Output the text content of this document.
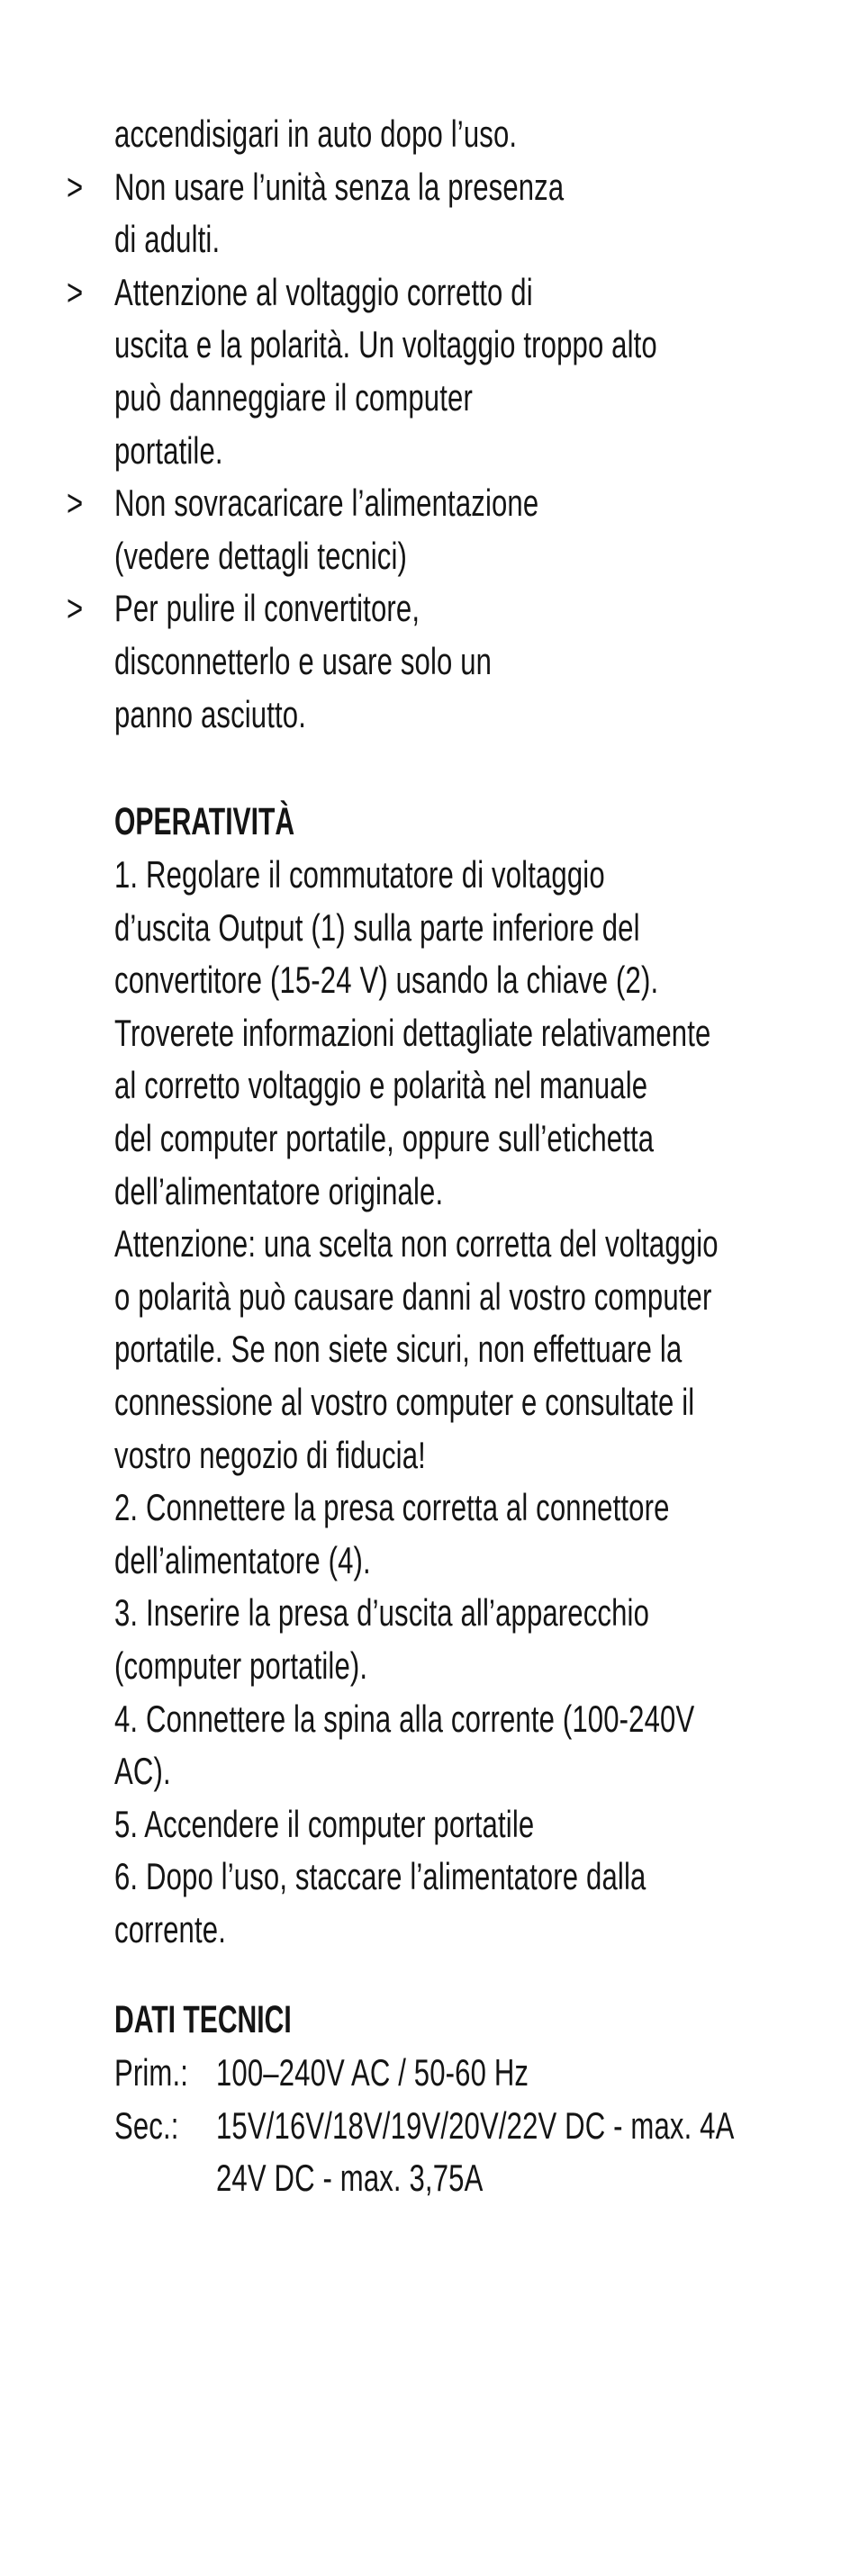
accendisigari in auto dopo l’uso.
> Non usare l’unità senza la presenza
di adulti.
> Attenzione al voltaggio corretto di
uscita e la polarità. Un voltaggio troppo alto
può danneggiare il computer
portatile.
> Non sovracaricare l’alimentazione
(vedere dettagli tecnici)
> Per pulire il convertitore,
disconnetterlo e usare solo un
panno asciutto.
OPERATIVITÀ
1. Regolare il commutatore di voltaggio
d’uscita Output (1) sulla parte inferiore del
convertitore (15-24 V) usando la chiave (2).
Troverete informazioni dettagliate relativamente
al corretto voltaggio e polarità nel manuale
del computer portatile, oppure sull’etichetta
dell’alimentatore originale.
Attenzione: una scelta non corretta del voltaggio
o polarità può causare danni al vostro computer
portatile. Se non siete sicuri, non effettuare la
connessione al vostro computer e consultate il
vostro negozio di fiducia!
2. Connettere la presa corretta al connettore
dell’alimentatore (4).
3. Inserire la presa d’uscita all’apparecchio
(computer portatile).
4. Connettere la spina alla corrente (100-240V
AC).
5. Accendere il computer portatile
6. Dopo l’uso, staccare l’alimentatore dalla
corrente.
DATI TECNICI
Prim.: 100–240V AC / 50-60 Hz
Sec.: 15V/16V/18V/19V/20V/22V DC - max. 4A
24V DC - max. 3,75A
